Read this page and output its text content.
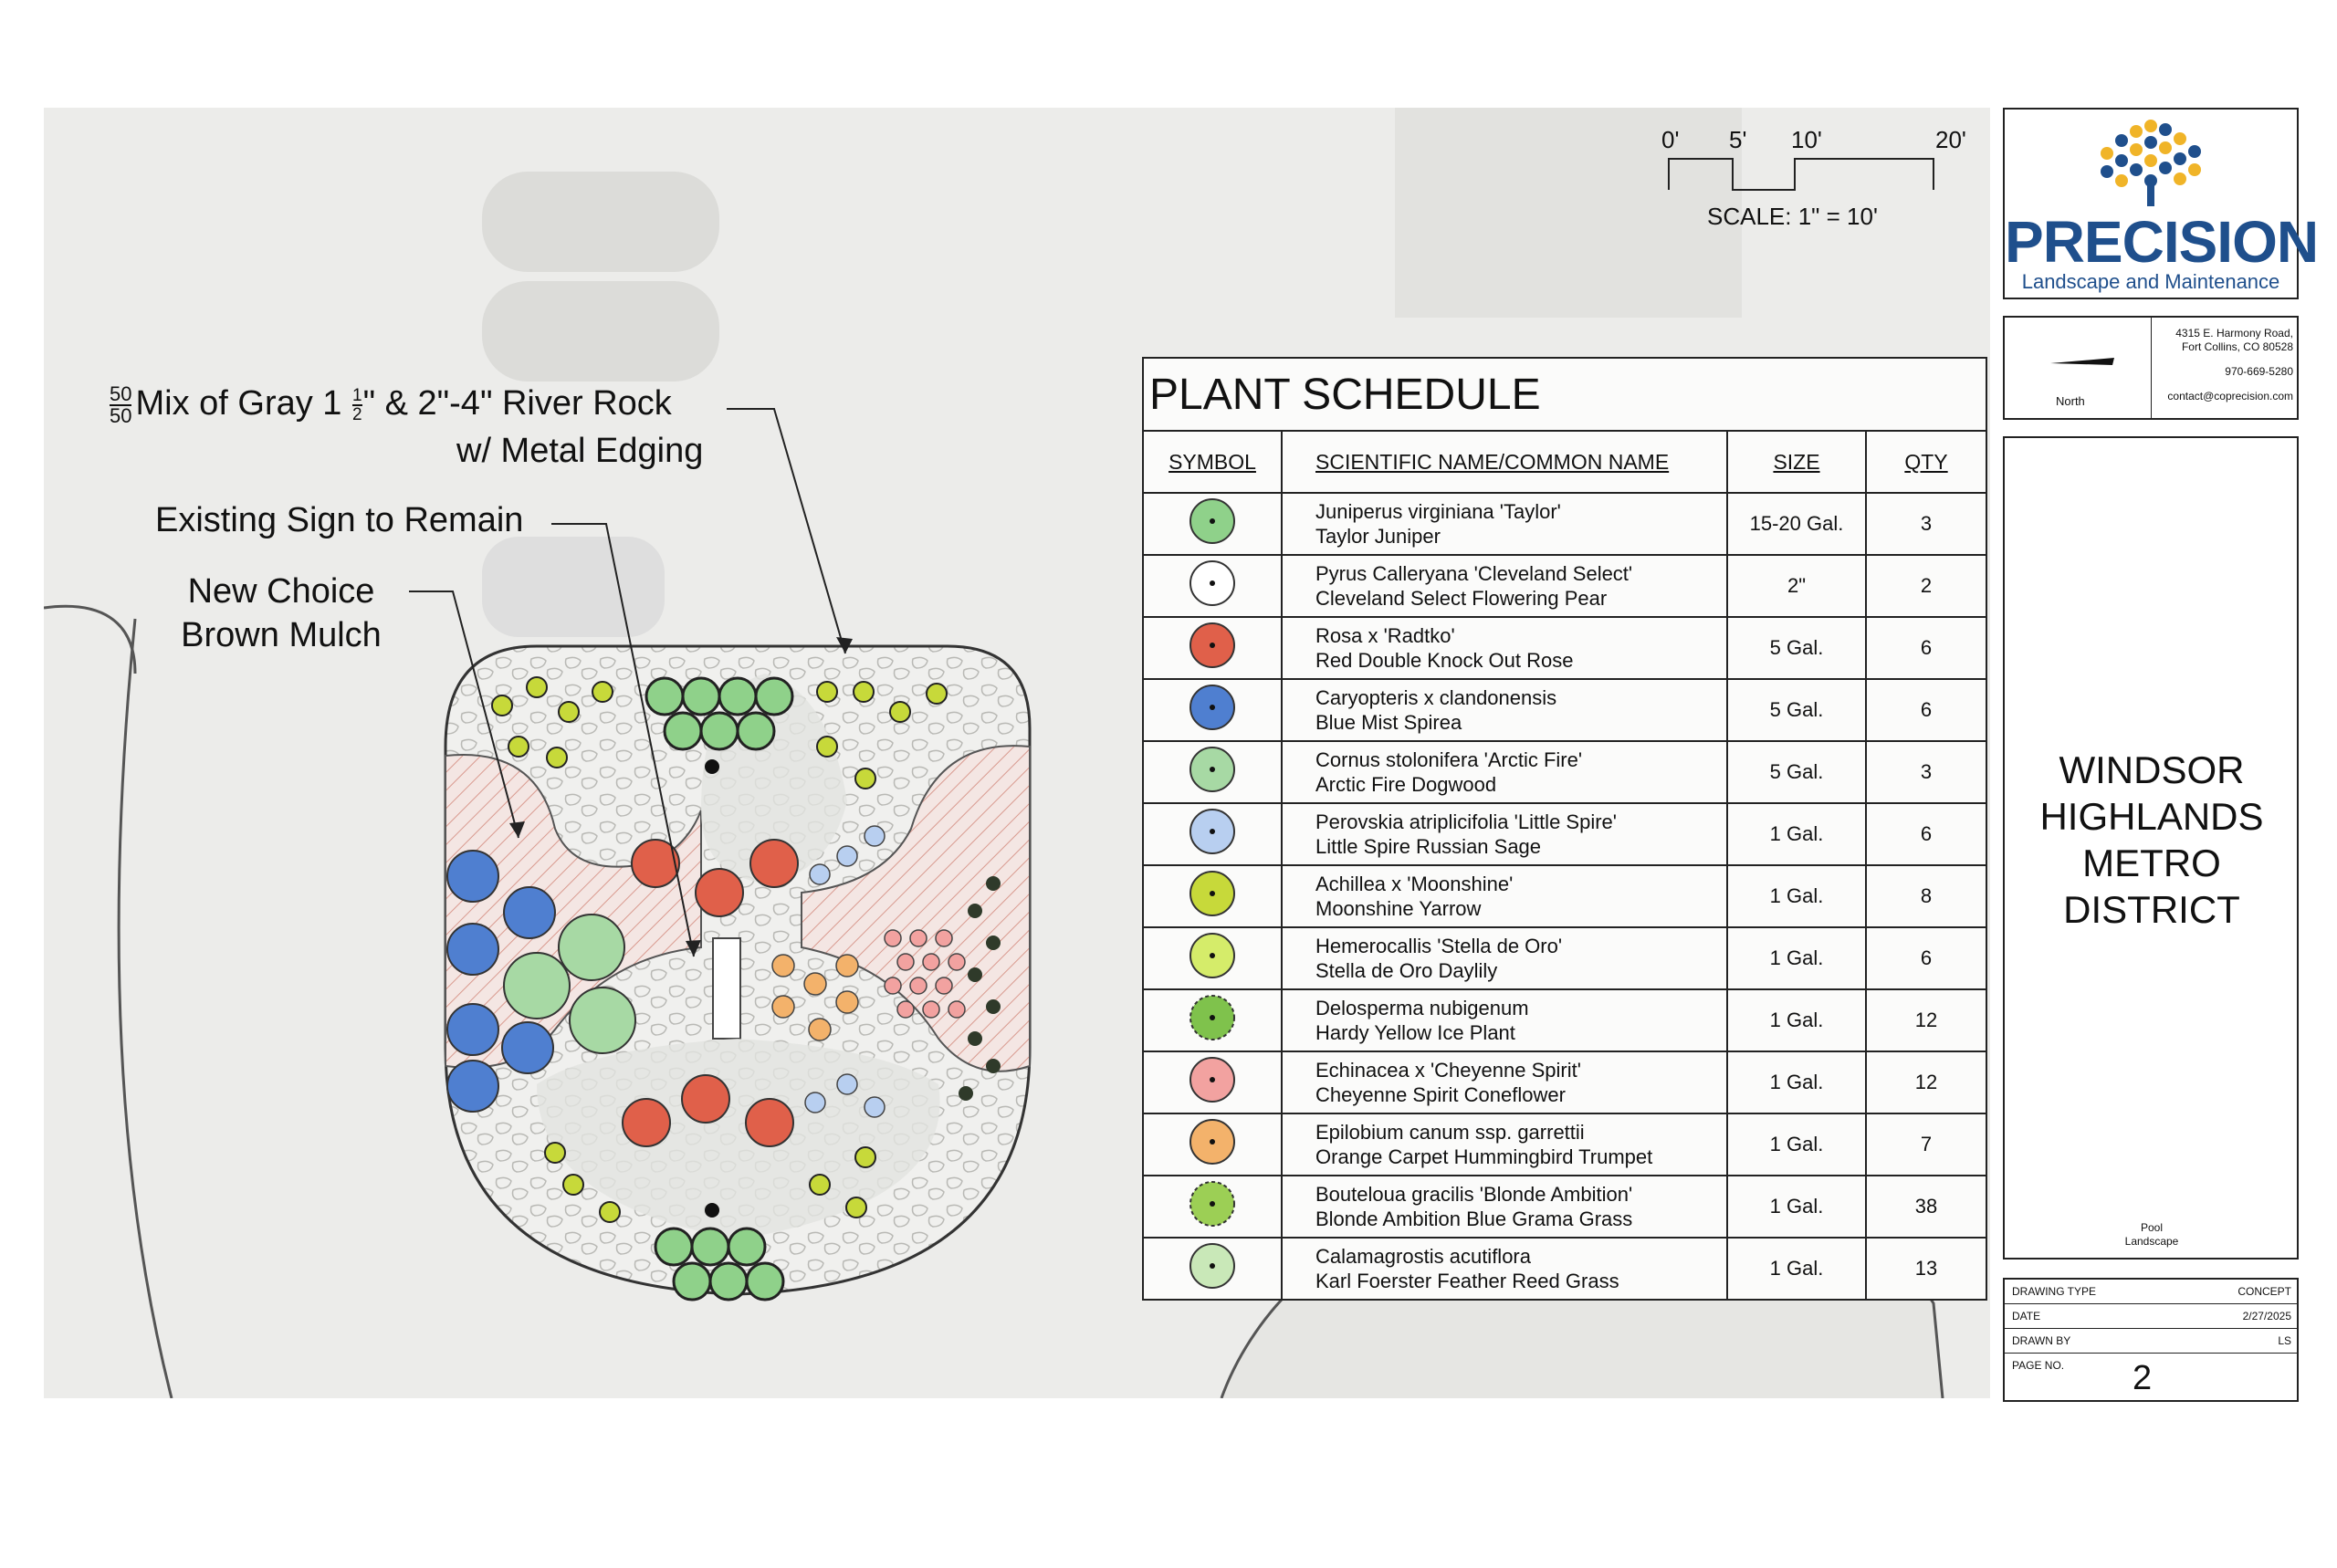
$\frac{50}{50}$ Mix of Gray $1 \frac{1}{2}$ " & 2"-4" River Rock
w/ Metal Edging
Existing Sign to Remain
New Choice
Brown Mulch
0' 5' 10'	20'
SCALE: 1" = 10'
PLANT SCHEDULE			
SYMBOL	SCIENTIFIC NAME/COMMON NAME	SIZE	QTY

Juniperus virginiana 'Taylor'
Taylor Juniper	15-20 Gal.	3

Pyrus Calleryana 'Cleveland Select'
Cleveland Select Flowering Pear	2"	2

Rosa x 'Radtko'
Red Double Knock Out Rose	5 Gal.	6

Caryopteris x clandonensis
Blue Mist Spirea	5 Gal.	6

Cornus stolonifera 'Arctic Fire'
Arctic Fire Dogwood	5 Gal.	3

Perovskia atriplicifolia 'Little Spire'
Little Spire Russian Sage	1 Gal.	6

Achillea x 'Moonshine'
Moonshine Yarrow	1 Gal.	8

Hemerocallis 'Stella de Oro'
Stella de Oro Daylily	1 Gal.	6

Delosperma nubigenum
Hardy Yellow Ice Plant	1 Gal.	12

Echinacea x 'Cheyenne Spirit'
Cheyenne Spirit Coneflower	1 Gal.	12

Epilobium canum ssp. garrettii
Orange Carpet Hummingbird Trumpet	1 Gal.	7

Bouteloua gracilis 'Blonde Ambition'
Blonde Ambition Blue Grama Grass	1 Gal.	38

Calamagrostis acutiflora
Karl Foerster Feather Reed Grass	1 Gal.	13
PRECISION
Landscape and Maintenance
North
4315 E. Harmony Road,
Fort Collins, CO 80528
970-669-5280
contact@coprecision.com
WINDSOR
HIGHLANDS
METRO
DISTRICT
Pool
Landscape
DRAWING TYPE	CONCEPT
DATE	2/27/2025
DRAWN BY	LS
PAGE NO. 2
